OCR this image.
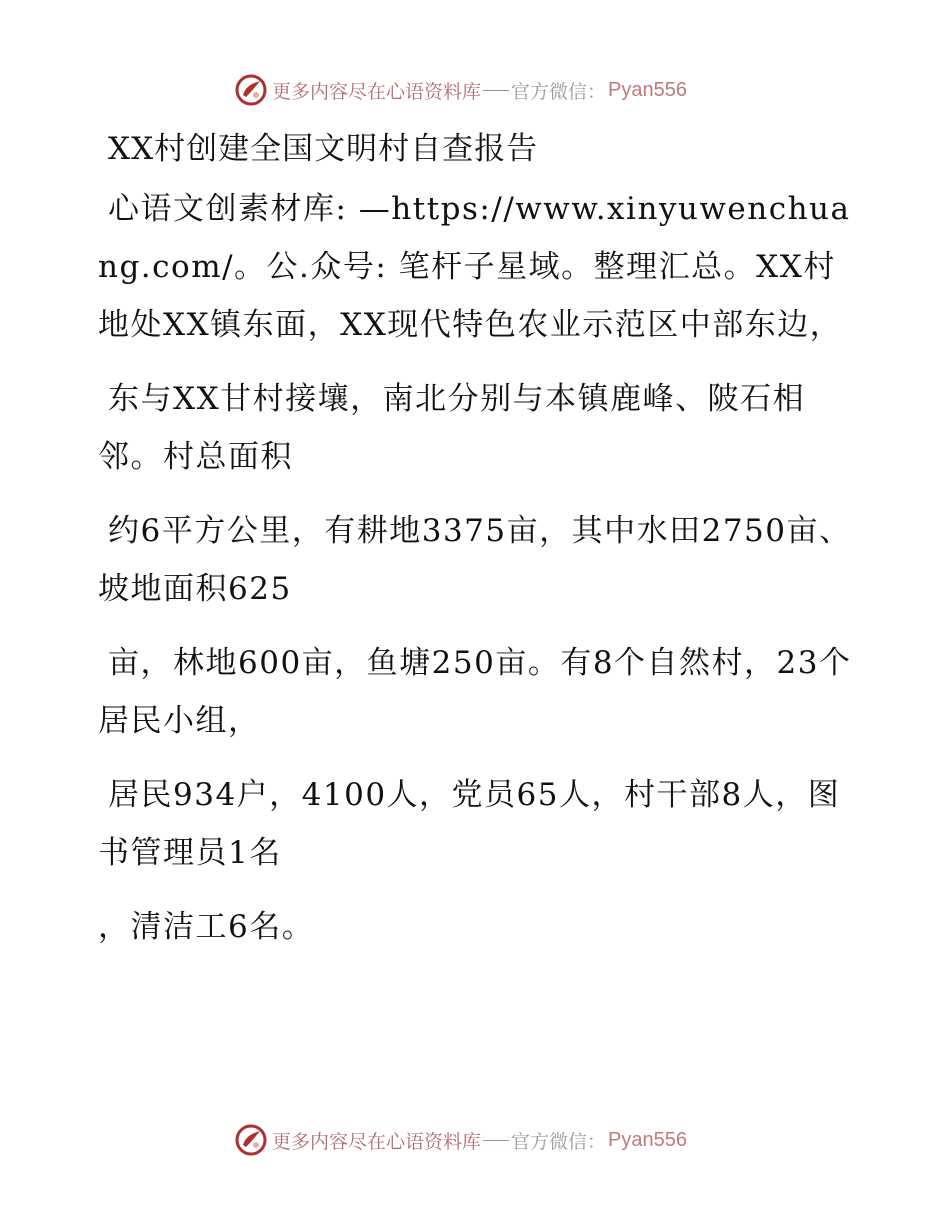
更多内容尽在心语资料库 官方微信： Pyan556
XX村创建全国文明村自查报告

心语文创素材库: —https://www.xinyuwenchuang.com/。公.众号: 笔杆子星域。整理汇总。XX村地处XX镇东面，XX现代特色农业示范区中部东边，

东与XX甘村接壤，南北分别与本镇鹿峰、陂石相邻。村总面积

约6平方公里，有耕地3375亩，其中水田2750亩、坡地面积625

亩，林地600亩，鱼塘250亩。有8个自然村，23个居民小组，

居民934户，4100人，党员65人，村干部8人，图书管理员1名

，清洁工6名。

更多内容尽在心语资料库 官方微信： Pyan556
